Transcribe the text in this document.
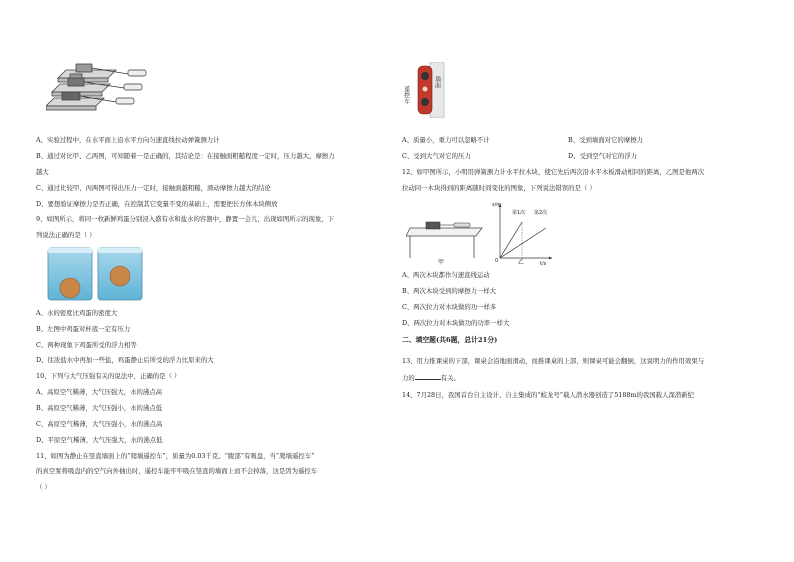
A、实验过程中，在水平面上沿水平方向匀速直线拉动弹簧测力计
B、通过对比甲、乙两图，可知随着一是正确的，其结论是：在接触面粗糙程度一定时，压力越大，摩擦力
越大
C、通过比较甲、丙两图可得出压力一定时，接触面越粗糙，滑动摩擦力越大的结论
D、要想验证摩擦力是否正确，在控制其它变量不变的基础上，需要把长方体木块侧放
9、如图所示，将同一枚新鲜鸡蛋分别浸入盛有水和盐水的容器中，静置一会儿，出现如图所示的现象，下
列说法正确的是（ ）
A、水的密度比鸡蛋的密度大
B、左图中鸡蛋对杯底一定有压力
C、两种现象下鸡蛋所受的浮力相等
D、往浓盐水中再加一些盐，鸡蛋静止后所受的浮力比原来的大
10、下列与大气压强有关的说法中，正确的是（ ）
A、高原空气稀薄，大气压强大，水的沸点高
B、高原空气稀薄，大气压强小，水的沸点低
C、高原空气稀薄，大气压强小，水的沸点高
D、平原空气稀薄，大气压强大，水的沸点低
11、如图为静止在竖直墙面上的“爬墙遥控车”，质量为0.03千克。“腹部”有吸盘，当“爬墙遥控车”
的真空泵将吸盘内的空气向外抽出时，遥控车能牢牢吸在竖直的墙面上而不会掉落，这是因为遥控车
（ ）
遥控车
墙面
A、质量小，重力可以忽略不计	B、受到墙面对它的摩擦力
C、受到大气对它的压力	D、受到空气对它的浮力
12、如甲图所示，小明用弹簧测力计水平拉木块，使它先后两次沿水平木板滑动相同的距离，乙图是他两次
拉动同一木块得到的距离随时间变化的图象，下列说法错误的是（ ）
甲
s/m
t/s
0	乙
第1次 第2次
A、两次木块都作匀速直线运动
B、两次木块受到的摩擦力一样大
C、两次拉力对木块做的功一样多
D、两次拉力对木块做功的功率一样大
二、填空题(共6题，总计21分)
13、用力推课桌的下部，课桌会沿地面滑动，而推课桌的上部，则课桌可能会翻倒，这说明力的作用效果与
力的	有关。
14、7月28日，我国首台自主设计、自主集成的“蛟龙号”载人潜水器创造了5188m的我国载人深潜新纪
